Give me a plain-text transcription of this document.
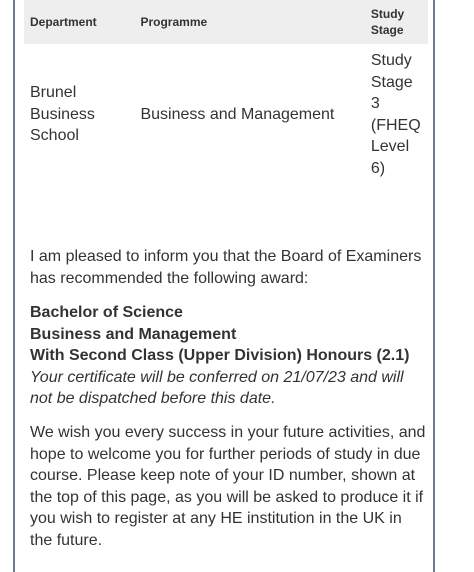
Department	Programme	Study Stage
Brunel Business School	Business and Management	Study Stage 3 (FHEQ Level 6)

I am pleased to inform you that the Board of Examiners has recommended the following award:

Bachelor of Science
Business and Management
With Second Class (Upper Division) Honours (2.1)
Your certificate will be conferred on 21/07/23 and will not be dispatched before this date.

We wish you every success in your future activities, and hope to welcome you for further periods of study in due course. Please keep note of your ID number, shown at the top of this page, as you will be asked to produce it if you wish to register at any HE institution in the UK in the future.
